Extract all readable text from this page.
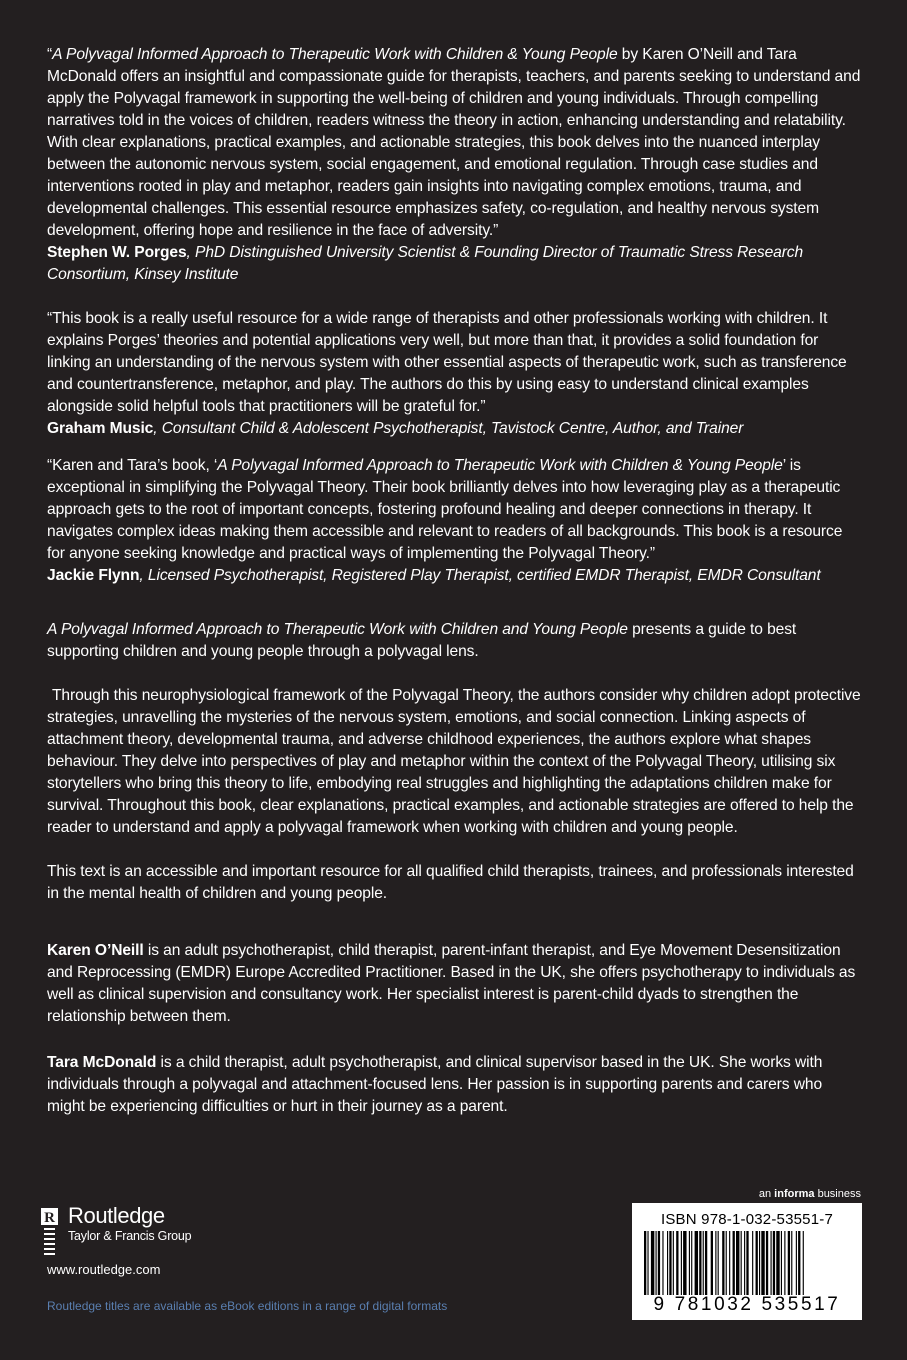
“A Polyvagal Informed Approach to Therapeutic Work with Children & Young People by Karen O’Neill and Tara McDonald offers an insightful and compassionate guide for therapists, teachers, and parents seeking to understand and apply the Polyvagal framework in supporting the well-being of children and young individuals. Through compelling narratives told in the voices of children, readers witness the theory in action, enhancing understanding and relatability. With clear explanations, practical examples, and actionable strategies, this book delves into the nuanced interplay between the autonomic nervous system, social engagement, and emotional regulation. Through case studies and interventions rooted in play and metaphor, readers gain insights into navigating complex emotions, trauma, and developmental challenges. This essential resource emphasizes safety, co-regulation, and healthy nervous system development, offering hope and resilience in the face of adversity.”

Stephen W. Porges, PhD Distinguished University Scientist & Founding Director of Traumatic Stress Research Consortium, Kinsey Institute

“This book is a really useful resource for a wide range of therapists and other professionals working with children. It explains Porges’ theories and potential applications very well, but more than that, it provides a solid foundation for linking an understanding of the nervous system with other essential aspects of therapeutic work, such as transference and countertransference, metaphor, and play. The authors do this by using easy to understand clinical examples alongside solid helpful tools that practitioners will be grateful for.”

Graham Music, Consultant Child & Adolescent Psychotherapist, Tavistock Centre, Author, and Trainer

“Karen and Tara’s book, ‘A Polyvagal Informed Approach to Therapeutic Work with Children & Young People’ is exceptional in simplifying the Polyvagal Theory. Their book brilliantly delves into how leveraging play as a therapeutic approach gets to the root of important concepts, fostering profound healing and deeper connections in therapy. It navigates complex ideas making them accessible and relevant to readers of all backgrounds. This book is a resource for anyone seeking knowledge and practical ways of implementing the Polyvagal Theory.”

Jackie Flynn, Licensed Psychotherapist, Registered Play Therapist, certified EMDR Therapist, EMDR Consultant

A Polyvagal Informed Approach to Therapeutic Work with Children and Young People presents a guide to best supporting children and young people through a polyvagal lens.

Through this neurophysiological framework of the Polyvagal Theory, the authors consider why children adopt protective strategies, unravelling the mysteries of the nervous system, emotions, and social connection. Linking aspects of attachment theory, developmental trauma, and adverse childhood experiences, the authors explore what shapes behaviour. They delve into perspectives of play and metaphor within the context of the Polyvagal Theory, utilising six storytellers who bring this theory to life, embodying real struggles and highlighting the adaptations children make for survival. Throughout this book, clear explanations, practical examples, and actionable strategies are offered to help the reader to understand and apply a polyvagal framework when working with children and young people.

This text is an accessible and important resource for all qualified child therapists, trainees, and professionals interested in the mental health of children and young people.

Karen O’Neill is an adult psychotherapist, child therapist, parent-infant therapist, and Eye Movement Desensitization and Reprocessing (EMDR) Europe Accredited Practitioner. Based in the UK, she offers psychotherapy to individuals as well as clinical supervision and consultancy work. Her specialist interest is parent-child dyads to strengthen the relationship between them.

Tara McDonald is a child therapist, adult psychotherapist, and clinical supervisor based in the UK. She works with individuals through a polyvagal and attachment-focused lens. Her passion is in supporting parents and carers who might be experiencing difficulties or hurt in their journey as a parent.

R Routledge
Taylor & Francis Group
www.routledge.com
Routledge titles are available as eBook editions in a range of digital formats
an informa business
ISBN 978-1-032-53551-7
9 781032 535517
